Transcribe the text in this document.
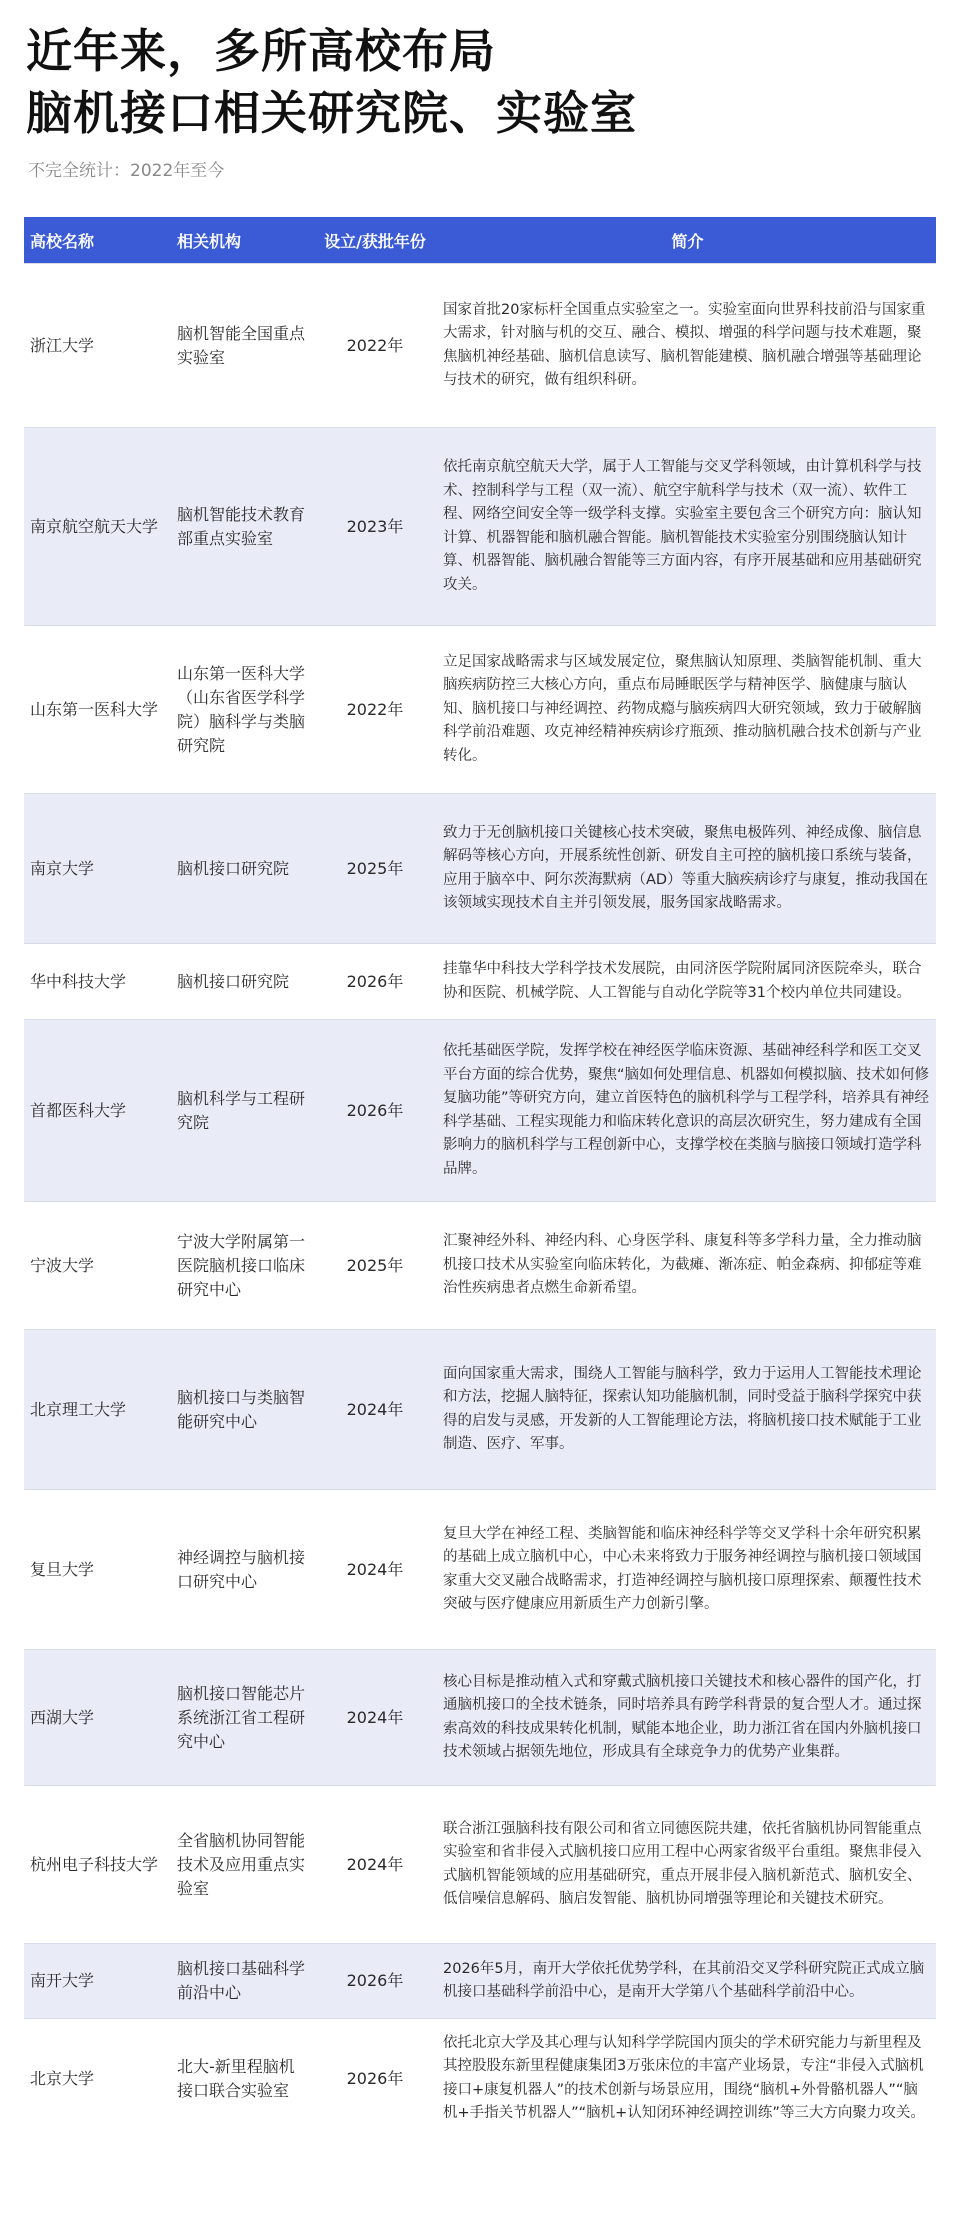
近年来，多所高校布局
脑机接口相关研究院、实验室
不完全统计：2022年至今
高校名称	相关机构	设立/获批年份	简介
浙江大学	脑机智能全国重点实验室	2022年	国家首批20家标杆全国重点实验室之一。实验室面向世界科技前沿与国家重大需求，针对脑与机的交互、融合、模拟、增强的科学问题与技术难题，聚焦脑机神经基础、脑机信息读写、脑机智能建模、脑机融合增强等基础理论与技术的研究，做有组织科研。
南京航空航天大学	脑机智能技术教育部重点实验室	2023年	依托南京航空航天大学，属于人工智能与交叉学科领域，由计算机科学与技术、控制科学与工程（双一流）、航空宇航科学与技术（双一流）、软件工程、网络空间安全等一级学科支撑。实验室主要包含三个研究方向：脑认知计算、机器智能和脑机融合智能。脑机智能技术实验室分别围绕脑认知计算、机器智能、脑机融合智能等三方面内容，有序开展基础和应用基础研究攻关。
山东第一医科大学	山东第一医科大学（山东省医学科学院）脑科学与类脑研究院	2022年	立足国家战略需求与区域发展定位，聚焦脑认知原理、类脑智能机制、重大脑疾病防控三大核心方向，重点布局睡眠医学与精神医学、脑健康与脑认知、脑机接口与神经调控、药物成瘾与脑疾病四大研究领域，致力于破解脑科学前沿难题、攻克神经精神疾病诊疗瓶颈、推动脑机融合技术创新与产业转化。
南京大学	脑机接口研究院	2025年	致力于无创脑机接口关键核心技术突破，聚焦电极阵列、神经成像、脑信息解码等核心方向，开展系统性创新、研发自主可控的脑机接口系统与装备，应用于脑卒中、阿尔茨海默病（AD）等重大脑疾病诊疗与康复，推动我国在该领域实现技术自主并引领发展，服务国家战略需求。
华中科技大学	脑机接口研究院	2026年	挂靠华中科技大学科学技术发展院，由同济医学院附属同济医院牵头，联合协和医院、机械学院、人工智能与自动化学院等31个校内单位共同建设。
首都医科大学	脑机科学与工程研究院	2026年	依托基础医学院，发挥学校在神经医学临床资源、基础神经科学和医工交叉平台方面的综合优势，聚焦“脑如何处理信息、机器如何模拟脑、技术如何修复脑功能”等研究方向，建立首医特色的脑机科学与工程学科，培养具有神经科学基础、工程实现能力和临床转化意识的高层次研究生，努力建成有全国影响力的脑机科学与工程创新中心，支撑学校在类脑与脑接口领域打造学科品牌。
宁波大学	宁波大学附属第一医院脑机接口临床研究中心	2025年	汇聚神经外科、神经内科、心身医学科、康复科等多学科力量，全力推动脑机接口技术从实验室向临床转化，为截瘫、渐冻症、帕金森病、抑郁症等难治性疾病患者点燃生命新希望。
北京理工大学	脑机接口与类脑智能研究中心	2024年	面向国家重大需求，围绕人工智能与脑科学，致力于运用人工智能技术理论和方法，挖掘人脑特征，探索认知功能脑机制，同时受益于脑科学探究中获得的启发与灵感，开发新的人工智能理论方法，将脑机接口技术赋能于工业制造、医疗、军事。
复旦大学	神经调控与脑机接口研究中心	2024年	复旦大学在神经工程、类脑智能和临床神经科学等交叉学科十余年研究积累的基础上成立脑机中心，中心未来将致力于服务神经调控与脑机接口领域国家重大交叉融合战略需求，打造神经调控与脑机接口原理探索、颠覆性技术突破与医疗健康应用新质生产力创新引擎。
西湖大学	脑机接口智能芯片系统浙江省工程研究中心	2024年	核心目标是推动植入式和穿戴式脑机接口关键技术和核心器件的国产化，打通脑机接口的全技术链条，同时培养具有跨学科背景的复合型人才。通过探索高效的科技成果转化机制，赋能本地企业，助力浙江省在国内外脑机接口技术领域占据领先地位，形成具有全球竞争力的优势产业集群。
杭州电子科技大学	全省脑机协同智能技术及应用重点实验室	2024年	联合浙江强脑科技有限公司和省立同德医院共建，依托省脑机协同智能重点实验室和省非侵入式脑机接口应用工程中心两家省级平台重组。聚焦非侵入式脑机智能领域的应用基础研究，重点开展非侵入脑机新范式、脑机安全、低信噪信息解码、脑启发智能、脑机协同增强等理论和关键技术研究。
南开大学	脑机接口基础科学前沿中心	2026年	2026年5月，南开大学依托优势学科，在其前沿交叉学科研究院正式成立脑机接口基础科学前沿中心，是南开大学第八个基础科学前沿中心。
北京大学	北大-新里程脑机接口联合实验室	2026年	依托北京大学及其心理与认知科学学院国内顶尖的学术研究能力与新里程及其控股股东新里程健康集团3万张床位的丰富产业场景，专注“非侵入式脑机接口+康复机器人”的技术创新与场景应用，围绕“脑机+外骨骼机器人”“脑机+手指关节机器人”“脑机+认知闭环神经调控训练”等三大方向聚力攻关。
